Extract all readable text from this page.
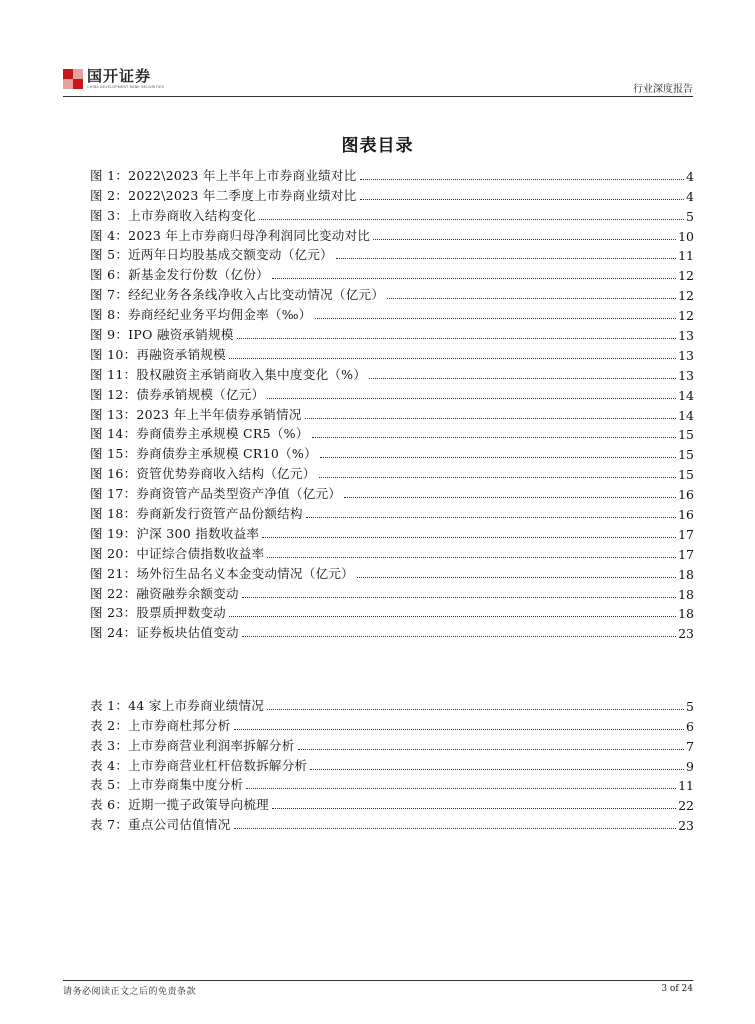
国开证券
CHINA DEVELOPMENT BANK SECURITIES	行业深度报告
图表目录
图 1：2022\2023 年上半年上市券商业绩对比	4
图 2：2022\2023 年二季度上市券商业绩对比	4
图 3：上市券商收入结构变化	5
图 4：2023 年上市券商归母净利润同比变动对比	10
图 5：近两年日均股基成交额变动（亿元）	11
图 6：新基金发行份数（亿份）	12
图 7：经纪业务各条线净收入占比变动情况（亿元）	12
图 8：券商经纪业务平均佣金率（‰）	12
图 9：IPO 融资承销规模	13
图 10：再融资承销规模	13
图 11：股权融资主承销商收入集中度变化（%）	13
图 12：债券承销规模（亿元）	14
图 13：2023 年上半年债券承销情况	14
图 14：券商债券主承规模 CR5（%）	15
图 15：券商债券主承规模 CR10（%）	15
图 16：资管优势券商收入结构（亿元）	15
图 17：券商资管产品类型资产净值（亿元）	16
图 18：券商新发行资管产品份额结构	16
图 19：沪深 300 指数收益率	17
图 20：中证综合债指数收益率	17
图 21：场外衍生品名义本金变动情况（亿元）	18
图 22：融资融券余额变动	18
图 23：股票质押数变动	18
图 24：证券板块估值变动	23
表 1：44 家上市券商业绩情况	5
表 2：上市券商杜邦分析	6
表 3：上市券商营业利润率拆解分析	7
表 4：上市券商营业杠杆倍数拆解分析	9
表 5：上市券商集中度分析	11
表 6：近期一揽子政策导向梳理	22
表 7：重点公司估值情况	23
请务必阅读正文之后的免责条款	3 of 24
